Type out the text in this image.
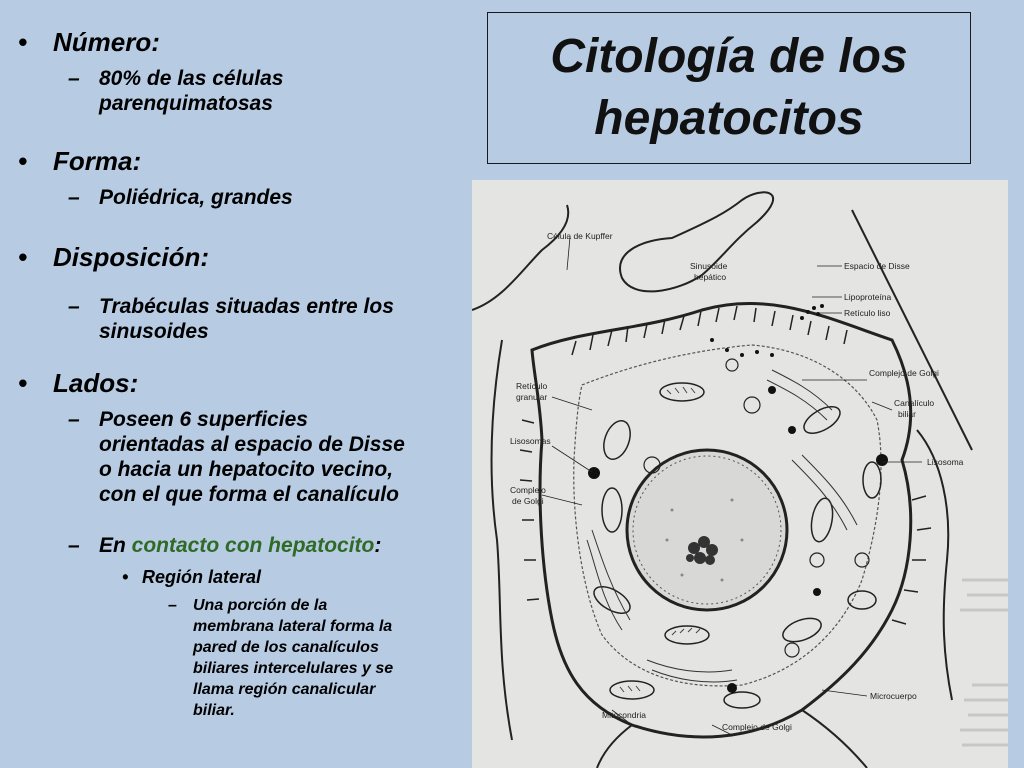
Citología de los
hepatocitos
• Número:
– 80% de las células
parenquimatosas
• Forma:
– Poliédrica, grandes
• Disposición:
– Trabéculas situadas entre los
sinusoides
• Lados:
– Poseen 6 superficies
orientadas al espacio de Disse
o hacia un hepatocito vecino,
con el que forma el canalículo
– En contacto con hepatocito:
• Región lateral
– Una porción de la
membrana lateral forma la
pared de los canalículos
biliares intercelulares y se
llama región canalicular
biliar.
Célula de Kupffer
Sinusoide
hepático
Espacio de Disse
Lipoproteína
Retículo liso
Complejo de Golgi
Retículo
granular
Canalículo
biliar
Lisosomas
Lisosoma
Complejo
de Golgi
Microcuerpo
Mitocondria
Complejo de Golgi
